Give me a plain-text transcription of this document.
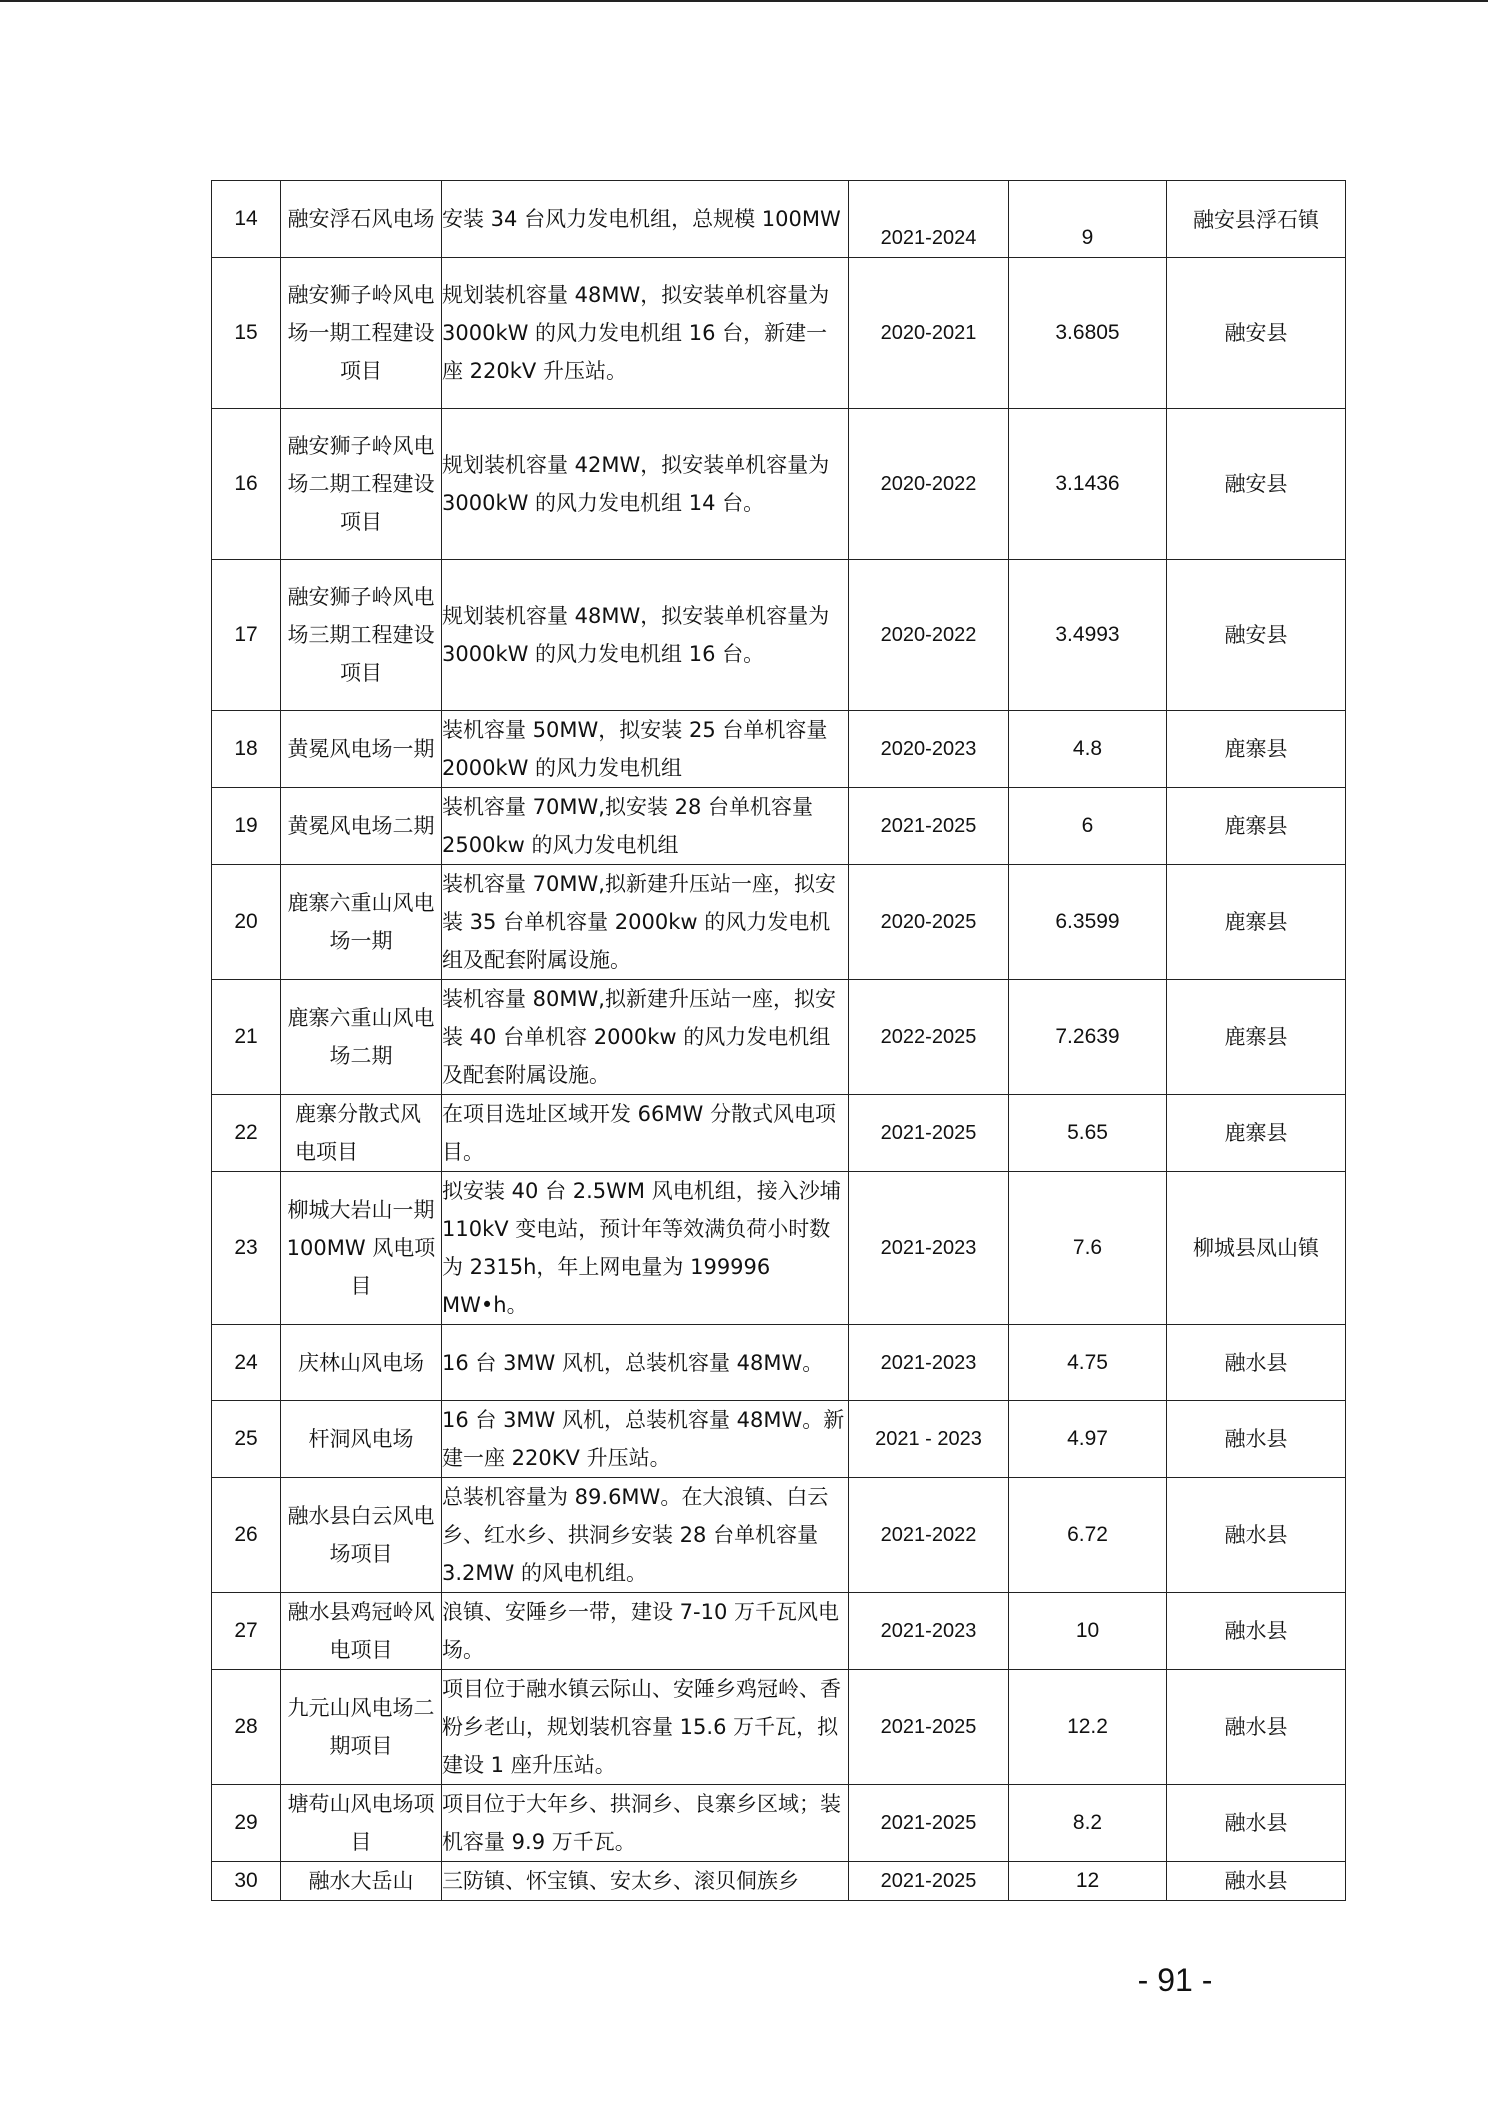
14	融安浮石风电场	安装 34 台风力发电机组，总规模 100MW	2021-2024	9	融安县浮石镇
15	融安狮子岭风电场一期工程建设项目	规划装机容量 48MW，拟安装单机容量为 3000kW 的风力发电机组 16 台，新建一座 220kV 升压站。	2020-2021	3.6805	融安县
16	融安狮子岭风电场二期工程建设项目	规划装机容量 42MW，拟安装单机容量为 3000kW 的风力发电机组 14 台。	2020-2022	3.1436	融安县
17	融安狮子岭风电场三期工程建设项目	规划装机容量 48MW，拟安装单机容量为 3000kW 的风力发电机组 16 台。	2020-2022	3.4993	融安县
18	黄冕风电场一期	装机容量 50MW，拟安装 25 台单机容量 2000kW 的风力发电机组	2020-2023	4.8	鹿寨县
19	黄冕风电场二期	装机容量 70MW,拟安装 28 台单机容量 2500kw 的风力发电机组	2021-2025	6	鹿寨县
20	鹿寨六重山风电场一期	装机容量 70MW,拟新建升压站一座，拟安装 35 台单机容量 2000kw 的风力发电机组及配套附属设施。	2020-2025	6.3599	鹿寨县
21	鹿寨六重山风电场二期	装机容量 80MW,拟新建升压站一座，拟安装 40 台单机容 2000kw 的风力发电机组及配套附属设施。	2022-2025	7.2639	鹿寨县
22	鹿寨分散式风电项目	在项目选址区域开发 66MW 分散式风电项目。	2021-2025	5.65	鹿寨县
23	柳城大岩山一期 100MW 风电项目	拟安装 40 台 2.5WM 风电机组，接入沙埔 110kV 变电站，预计年等效满负荷小时数为 2315h，年上网电量为 199996 MW•h。	2021-2023	7.6	柳城县凤山镇
24	庆林山风电场	16 台 3MW 风机，总装机容量 48MW。	2021-2023	4.75	融水县
25	杆洞风电场	16 台 3MW 风机，总装机容量 48MW。新建一座 220KV 升压站。	2021 - 2023	4.97	融水县
26	融水县白云风电场项目	总装机容量为 89.6MW。在大浪镇、白云乡、红水乡、拱洞乡安装 28 台单机容量 3.2MW 的风电机组。	2021-2022	6.72	融水县
27	融水县鸡冠岭风电项目	浪镇、安陲乡一带，建设 7-10 万千瓦风电场。	2021-2023	10	融水县
28	九元山风电场二期项目	项目位于融水镇云际山、安陲乡鸡冠岭、香粉乡老山，规划装机容量 15.6 万千瓦，拟建设 1 座升压站。	2021-2025	12.2	融水县
29	塘苟山风电场项目	项目位于大年乡、拱洞乡、良寨乡区域；装机容量 9.9 万千瓦。	2021-2025	8.2	融水县
30	融水大岳山	三防镇、怀宝镇、安太乡、滚贝侗族乡	2021-2025	12	融水县
- 91 -
